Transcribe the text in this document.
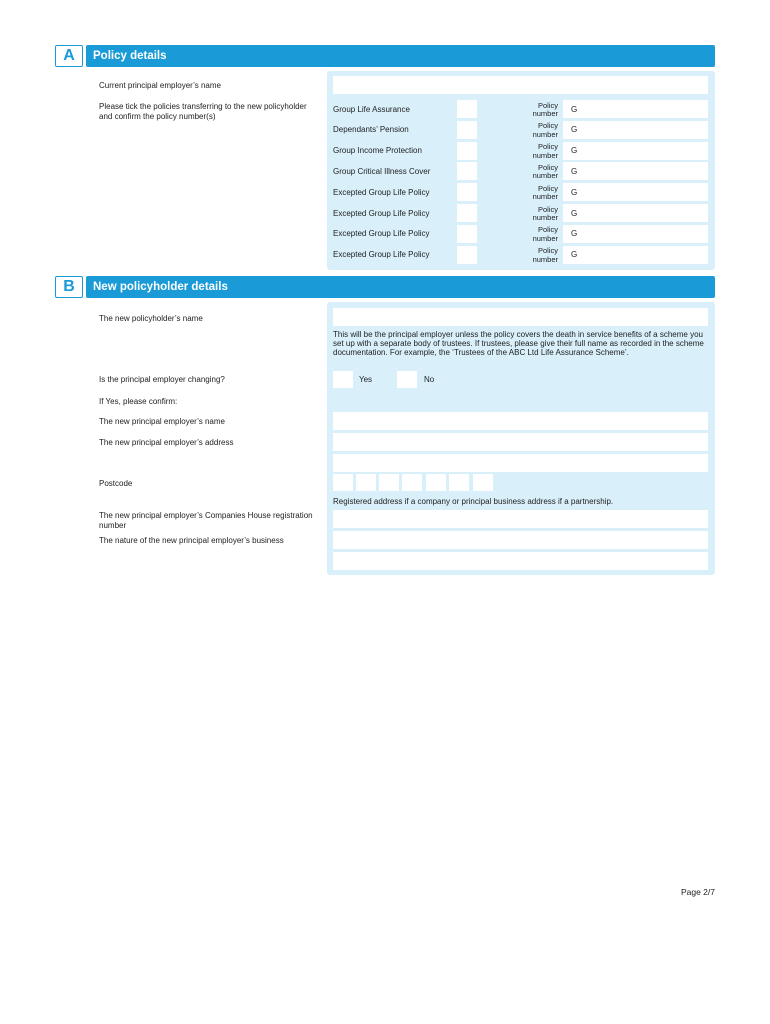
A	Policy details
Current principal employer’s name
Please tick the policies transferring to the new policyholder and confirm the policy number(s)
Group Life Assurance	Policy number G
Dependants’ Pension	Policy number G
Group Income Protection	Policy number G
Group Critical Illness Cover	Policy number G
Excepted Group Life Policy	Policy number G
Excepted Group Life Policy	Policy number G
Excepted Group Life Policy	Policy number G
Excepted Group Life Policy	Policy number G
B	New policyholder details
The new policyholder’s name
This will be the principal employer unless the policy covers the death in service benefits of a scheme you set up with a separate body of trustees. If trustees, please give their full name as recorded in the scheme documentation. For example, the ‘Trustees of the ABC Ltd Life Assurance Scheme’.
Is the principal employer changing?	Yes	No
If Yes, please confirm:
The new principal employer’s name
The new principal employer’s address
Postcode
Registered address if a company or principal business address if a partnership.
The new principal employer’s Companies House registration number
The nature of the new principal employer’s business
Page 2/7
